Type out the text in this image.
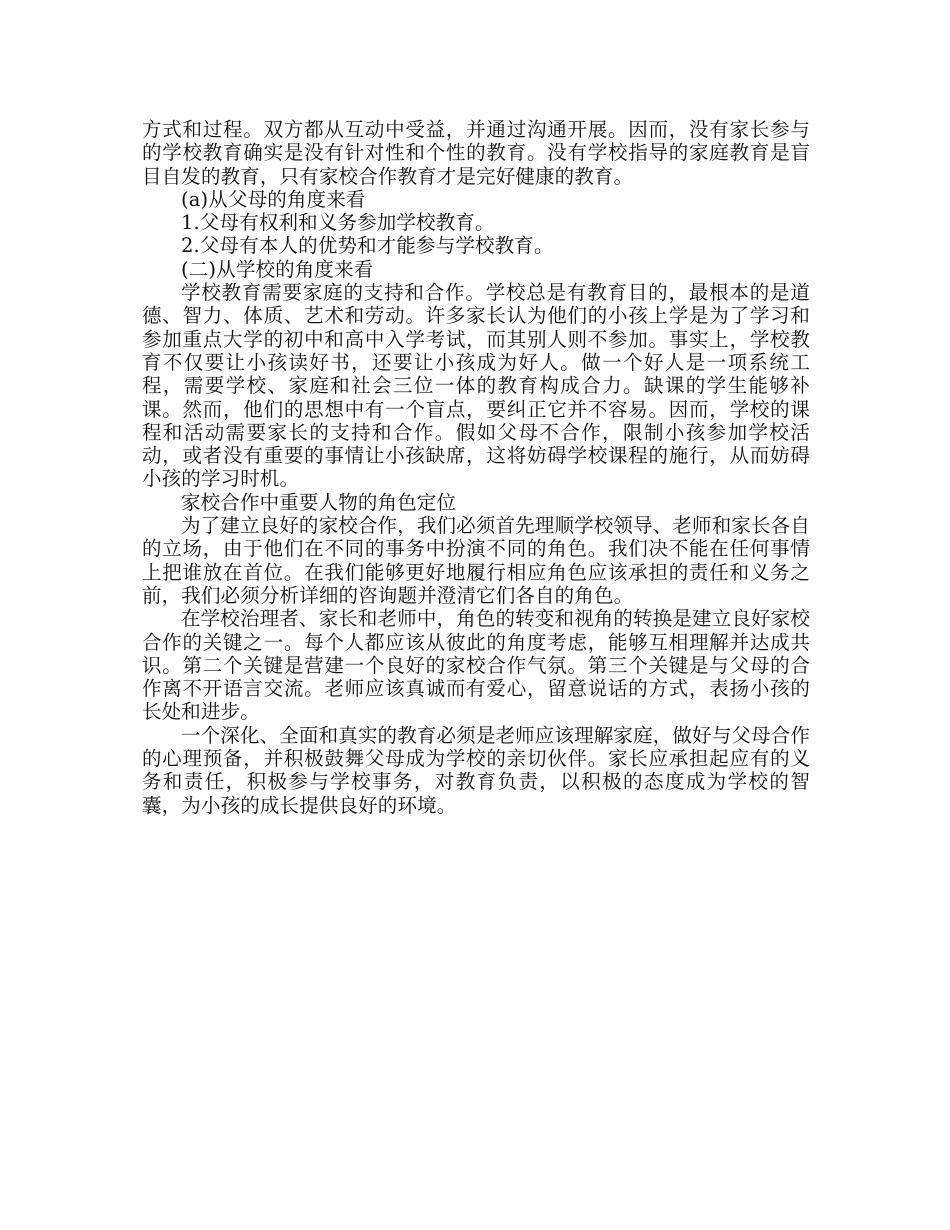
方式和过程。双方都从互动中受益，并通过沟通开展。因而，没有家长参与的学校教育确实是没有针对性和个性的教育。没有学校指导的家庭教育是盲目自发的教育，只有家校合作教育才是完好健康的教育。

(a)从父母的角度来看

1.父母有权利和义务参加学校教育。

2.父母有本人的优势和才能参与学校教育。

(二)从学校的角度来看

学校教育需要家庭的支持和合作。学校总是有教育目的，最根本的是道德、智力、体质、艺术和劳动。许多家长认为他们的小孩上学是为了学习和参加重点大学的初中和高中入学考试，而其别人则不参加。事实上，学校教育不仅要让小孩读好书，还要让小孩成为好人。做一个好人是一项系统工程，需要学校、家庭和社会三位一体的教育构成合力。缺课的学生能够补课。然而，他们的思想中有一个盲点，要纠正它并不容易。因而，学校的课程和活动需要家长的支持和合作。假如父母不合作，限制小孩参加学校活动，或者没有重要的事情让小孩缺席，这将妨碍学校课程的施行，从而妨碍小孩的学习时机。

家校合作中重要人物的角色定位

为了建立良好的家校合作，我们必须首先理顺学校领导、老师和家长各自的立场，由于他们在不同的事务中扮演不同的角色。我们决不能在任何事情上把谁放在首位。在我们能够更好地履行相应角色应该承担的责任和义务之前，我们必须分析详细的咨询题并澄清它们各自的角色。

在学校治理者、家长和老师中，角色的转变和视角的转换是建立良好家校合作的关键之一。每个人都应该从彼此的角度考虑，能够互相理解并达成共识。第二个关键是营建一个良好的家校合作气氛。第三个关键是与父母的合作离不开语言交流。老师应该真诚而有爱心，留意说话的方式，表扬小孩的长处和进步。

一个深化、全面和真实的教育必须是老师应该理解家庭，做好与父母合作的心理预备，并积极鼓舞父母成为学校的亲切伙伴。家长应承担起应有的义务和责任，积极参与学校事务，对教育负责，以积极的态度成为学校的智囊，为小孩的成长提供良好的环境。
